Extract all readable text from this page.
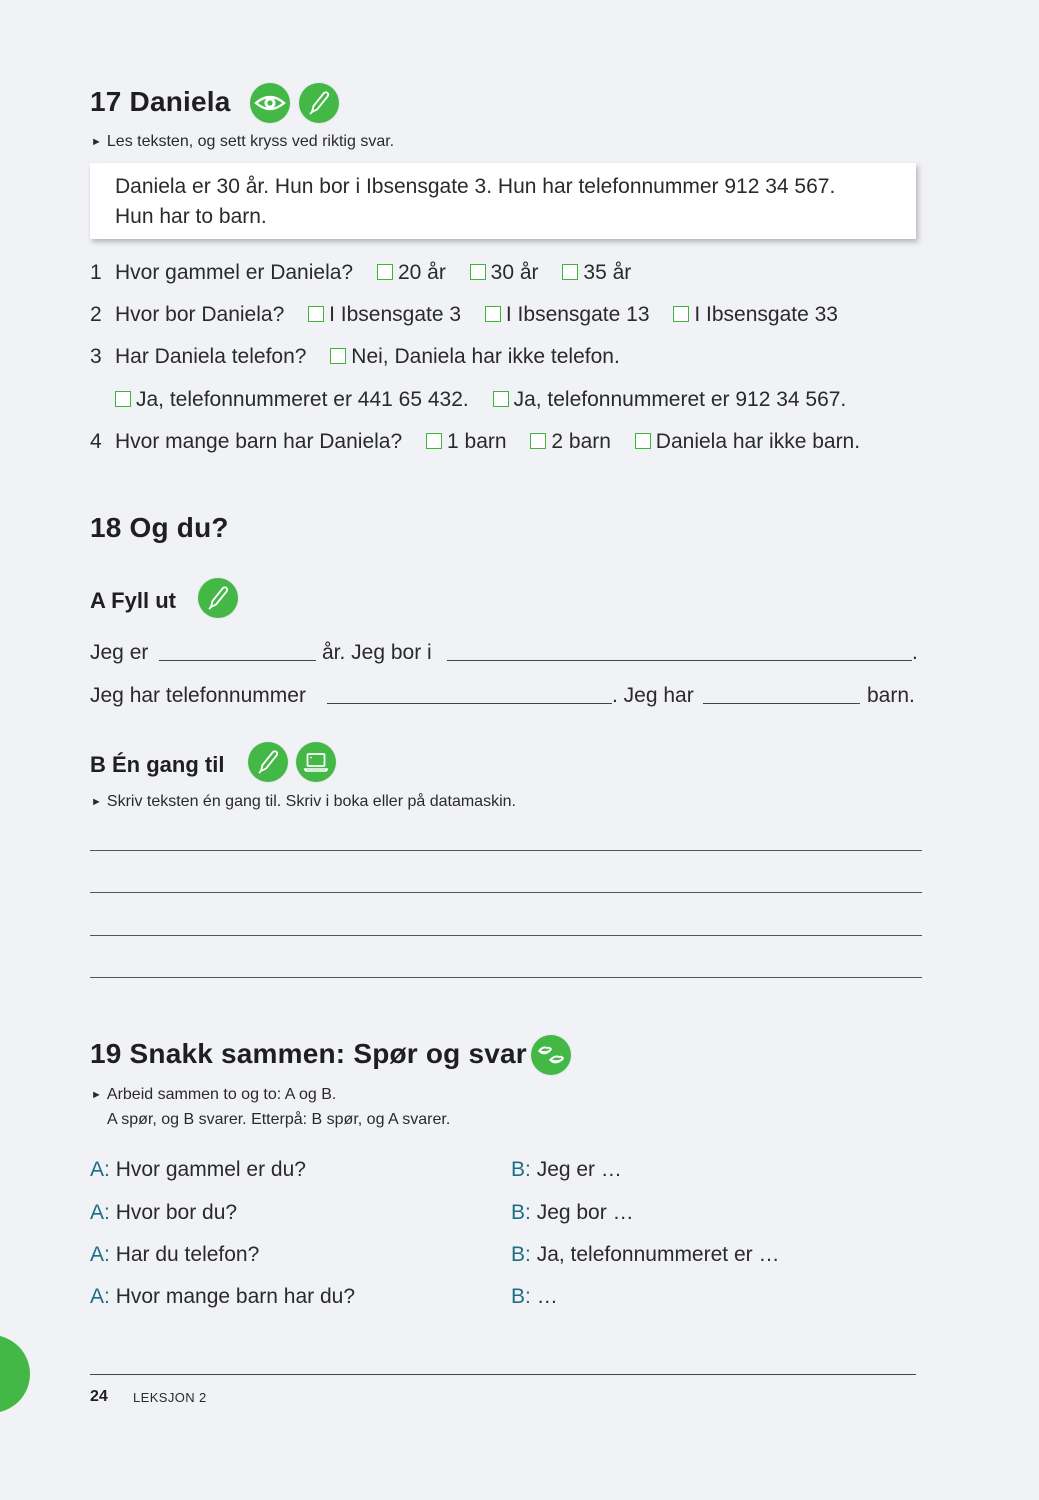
17 Daniela
► Les teksten, og sett kryss ved riktig svar.
Daniela er 30 år. Hun bor i Ibsensgate 3. Hun har telefonnummer 912 34 567.
Hun har to barn.
1 Hvor gammel er Daniela? 20 år 30 år 35 år
2 Hvor bor Daniela? I Ibsensgate 3 I Ibsensgate 13 I Ibsensgate 33
3 Har Daniela telefon? Nei, Daniela har ikke telefon.
Ja, telefonnummeret er 441 65 432. Ja, telefonnummeret er 912 34 567.
4 Hvor mange barn har Daniela? 1 barn 2 barn Daniela har ikke barn.
18 Og du?
A Fyll ut
Jeg er	år. Jeg bor i	.
Jeg har telefonnummer	. Jeg har	barn.
B Én gang til
► Skriv teksten én gang til. Skriv i boka eller på datamaskin.
19 Snakk sammen: Spør og svar
► Arbeid sammen to og to: A og B.
A spør, og B svarer. Etterpå: B spør, og A svarer.
A: Hvor gammel er du?	B: Jeg er …
A: Hvor bor du?	B: Jeg bor …
A: Har du telefon?	B: Ja, telefonnummeret er …
A: Hvor mange barn har du?	B: …
24 LEKSJON 2
